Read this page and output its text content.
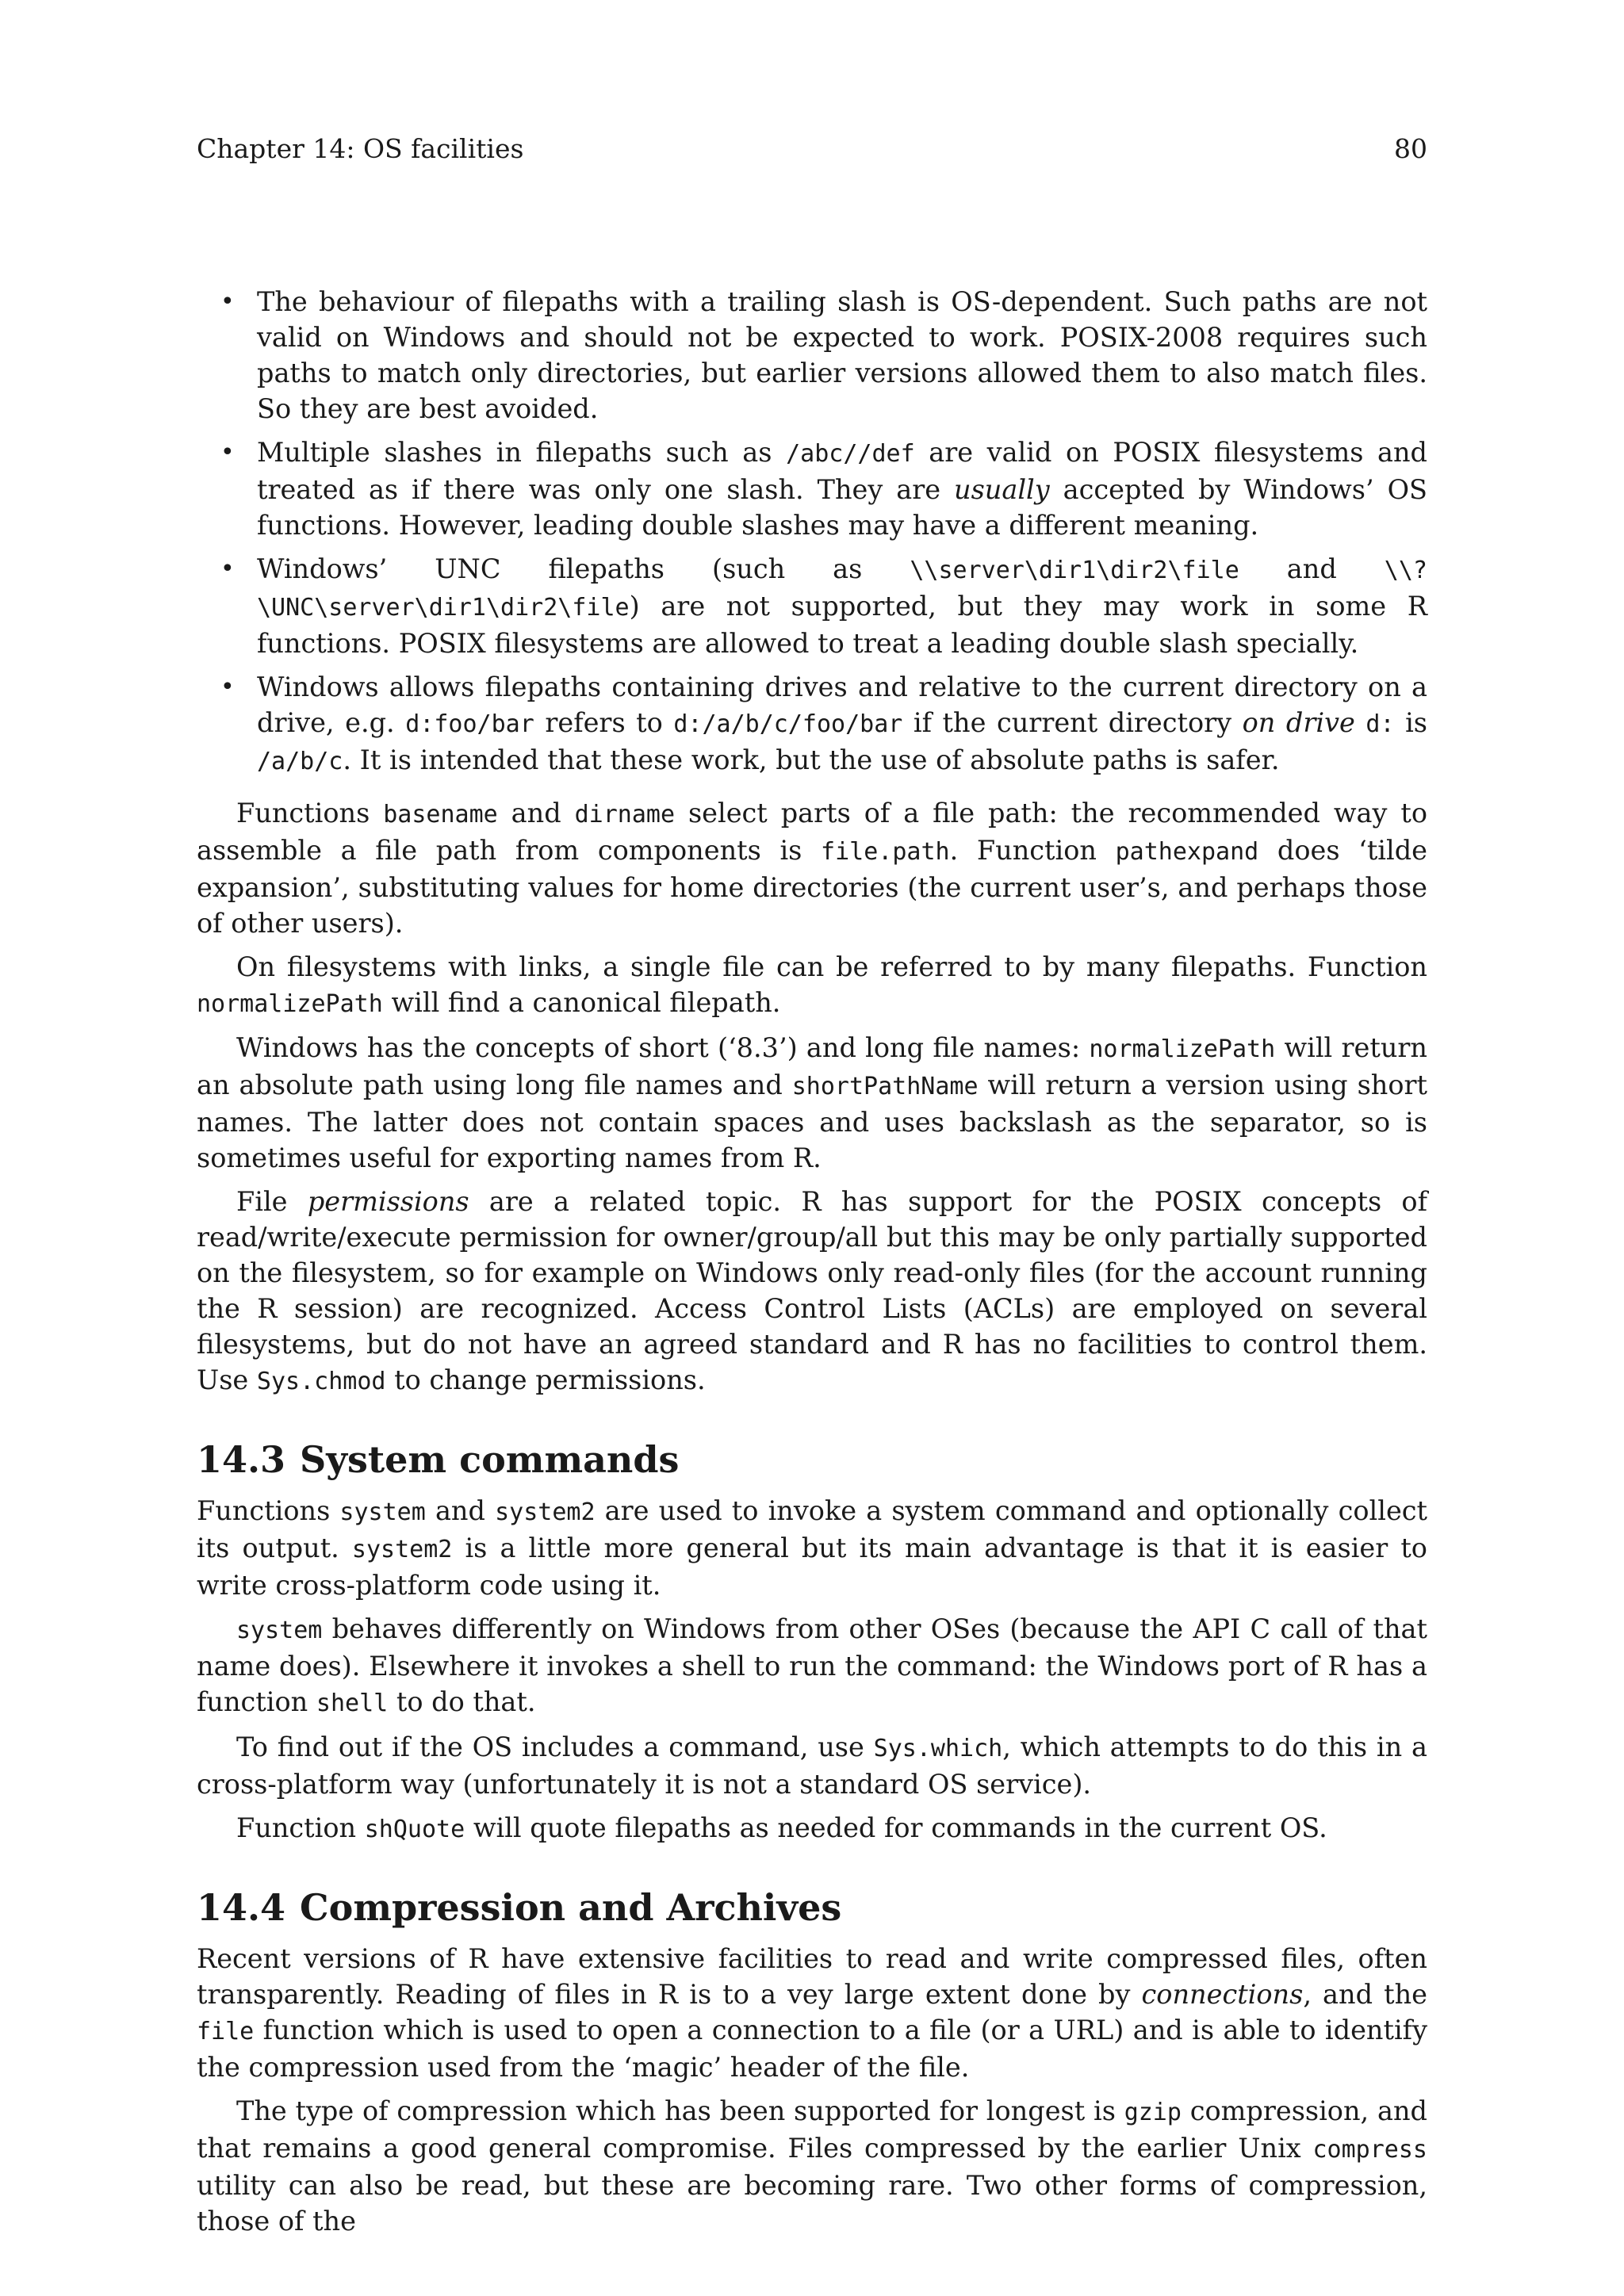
Chapter 14: OS facilities	80
• The behaviour of filepaths with a trailing slash is OS-dependent. Such paths are not valid on Windows and should not be expected to work. POSIX-2008 requires such paths to match only directories, but earlier versions allowed them to also match files. So they are best avoided.
• Multiple slashes in filepaths such as /abc//def are valid on POSIX filesystems and treated as if there was only one slash. They are usually accepted by Windows’ OS functions. However, leading double slashes may have a different meaning.
• Windows’ UNC filepaths (such as \\server\dir1\dir2\file and \\?\UNC\server\dir1\dir2\file) are not supported, but they may work in some R functions. POSIX filesystems are allowed to treat a leading double slash specially.
• Windows allows filepaths containing drives and relative to the current directory on a drive, e.g. d:foo/bar refers to d:/a/b/c/foo/bar if the current directory on drive d: is /a/b/c. It is intended that these work, but the use of absolute paths is safer.

Functions basename and dirname select parts of a file path: the recommended way to assemble a file path from components is file.path. Function pathexpand does ‘tilde expansion’, substituting values for home directories (the current user’s, and perhaps those of other users).

On filesystems with links, a single file can be referred to by many filepaths. Function normalizePath will find a canonical filepath.

Windows has the concepts of short (‘8.3’) and long file names: normalizePath will return an absolute path using long file names and shortPathName will return a version using short names. The latter does not contain spaces and uses backslash as the separator, so is sometimes useful for exporting names from R.

File permissions are a related topic. R has support for the POSIX concepts of read/write/execute permission for owner/group/all but this may be only partially supported on the filesystem, so for example on Windows only read-only files (for the account running the R session) are recognized. Access Control Lists (ACLs) are employed on several filesystems, but do not have an agreed standard and R has no facilities to control them. Use Sys.chmod to change permissions.

14.3 System commands

Functions system and system2 are used to invoke a system command and optionally collect its output. system2 is a little more general but its main advantage is that it is easier to write cross-platform code using it.

system behaves differently on Windows from other OSes (because the API C call of that name does). Elsewhere it invokes a shell to run the command: the Windows port of R has a function shell to do that.

To find out if the OS includes a command, use Sys.which, which attempts to do this in a cross-platform way (unfortunately it is not a standard OS service).

Function shQuote will quote filepaths as needed for commands in the current OS.

14.4 Compression and Archives

Recent versions of R have extensive facilities to read and write compressed files, often transparently. Reading of files in R is to a vey large extent done by connections, and the file function which is used to open a connection to a file (or a URL) and is able to identify the compression used from the ‘magic’ header of the file.

The type of compression which has been supported for longest is gzip compression, and that remains a good general compromise. Files compressed by the earlier Unix compress utility can also be read, but these are becoming rare. Two other forms of compression, those of the
